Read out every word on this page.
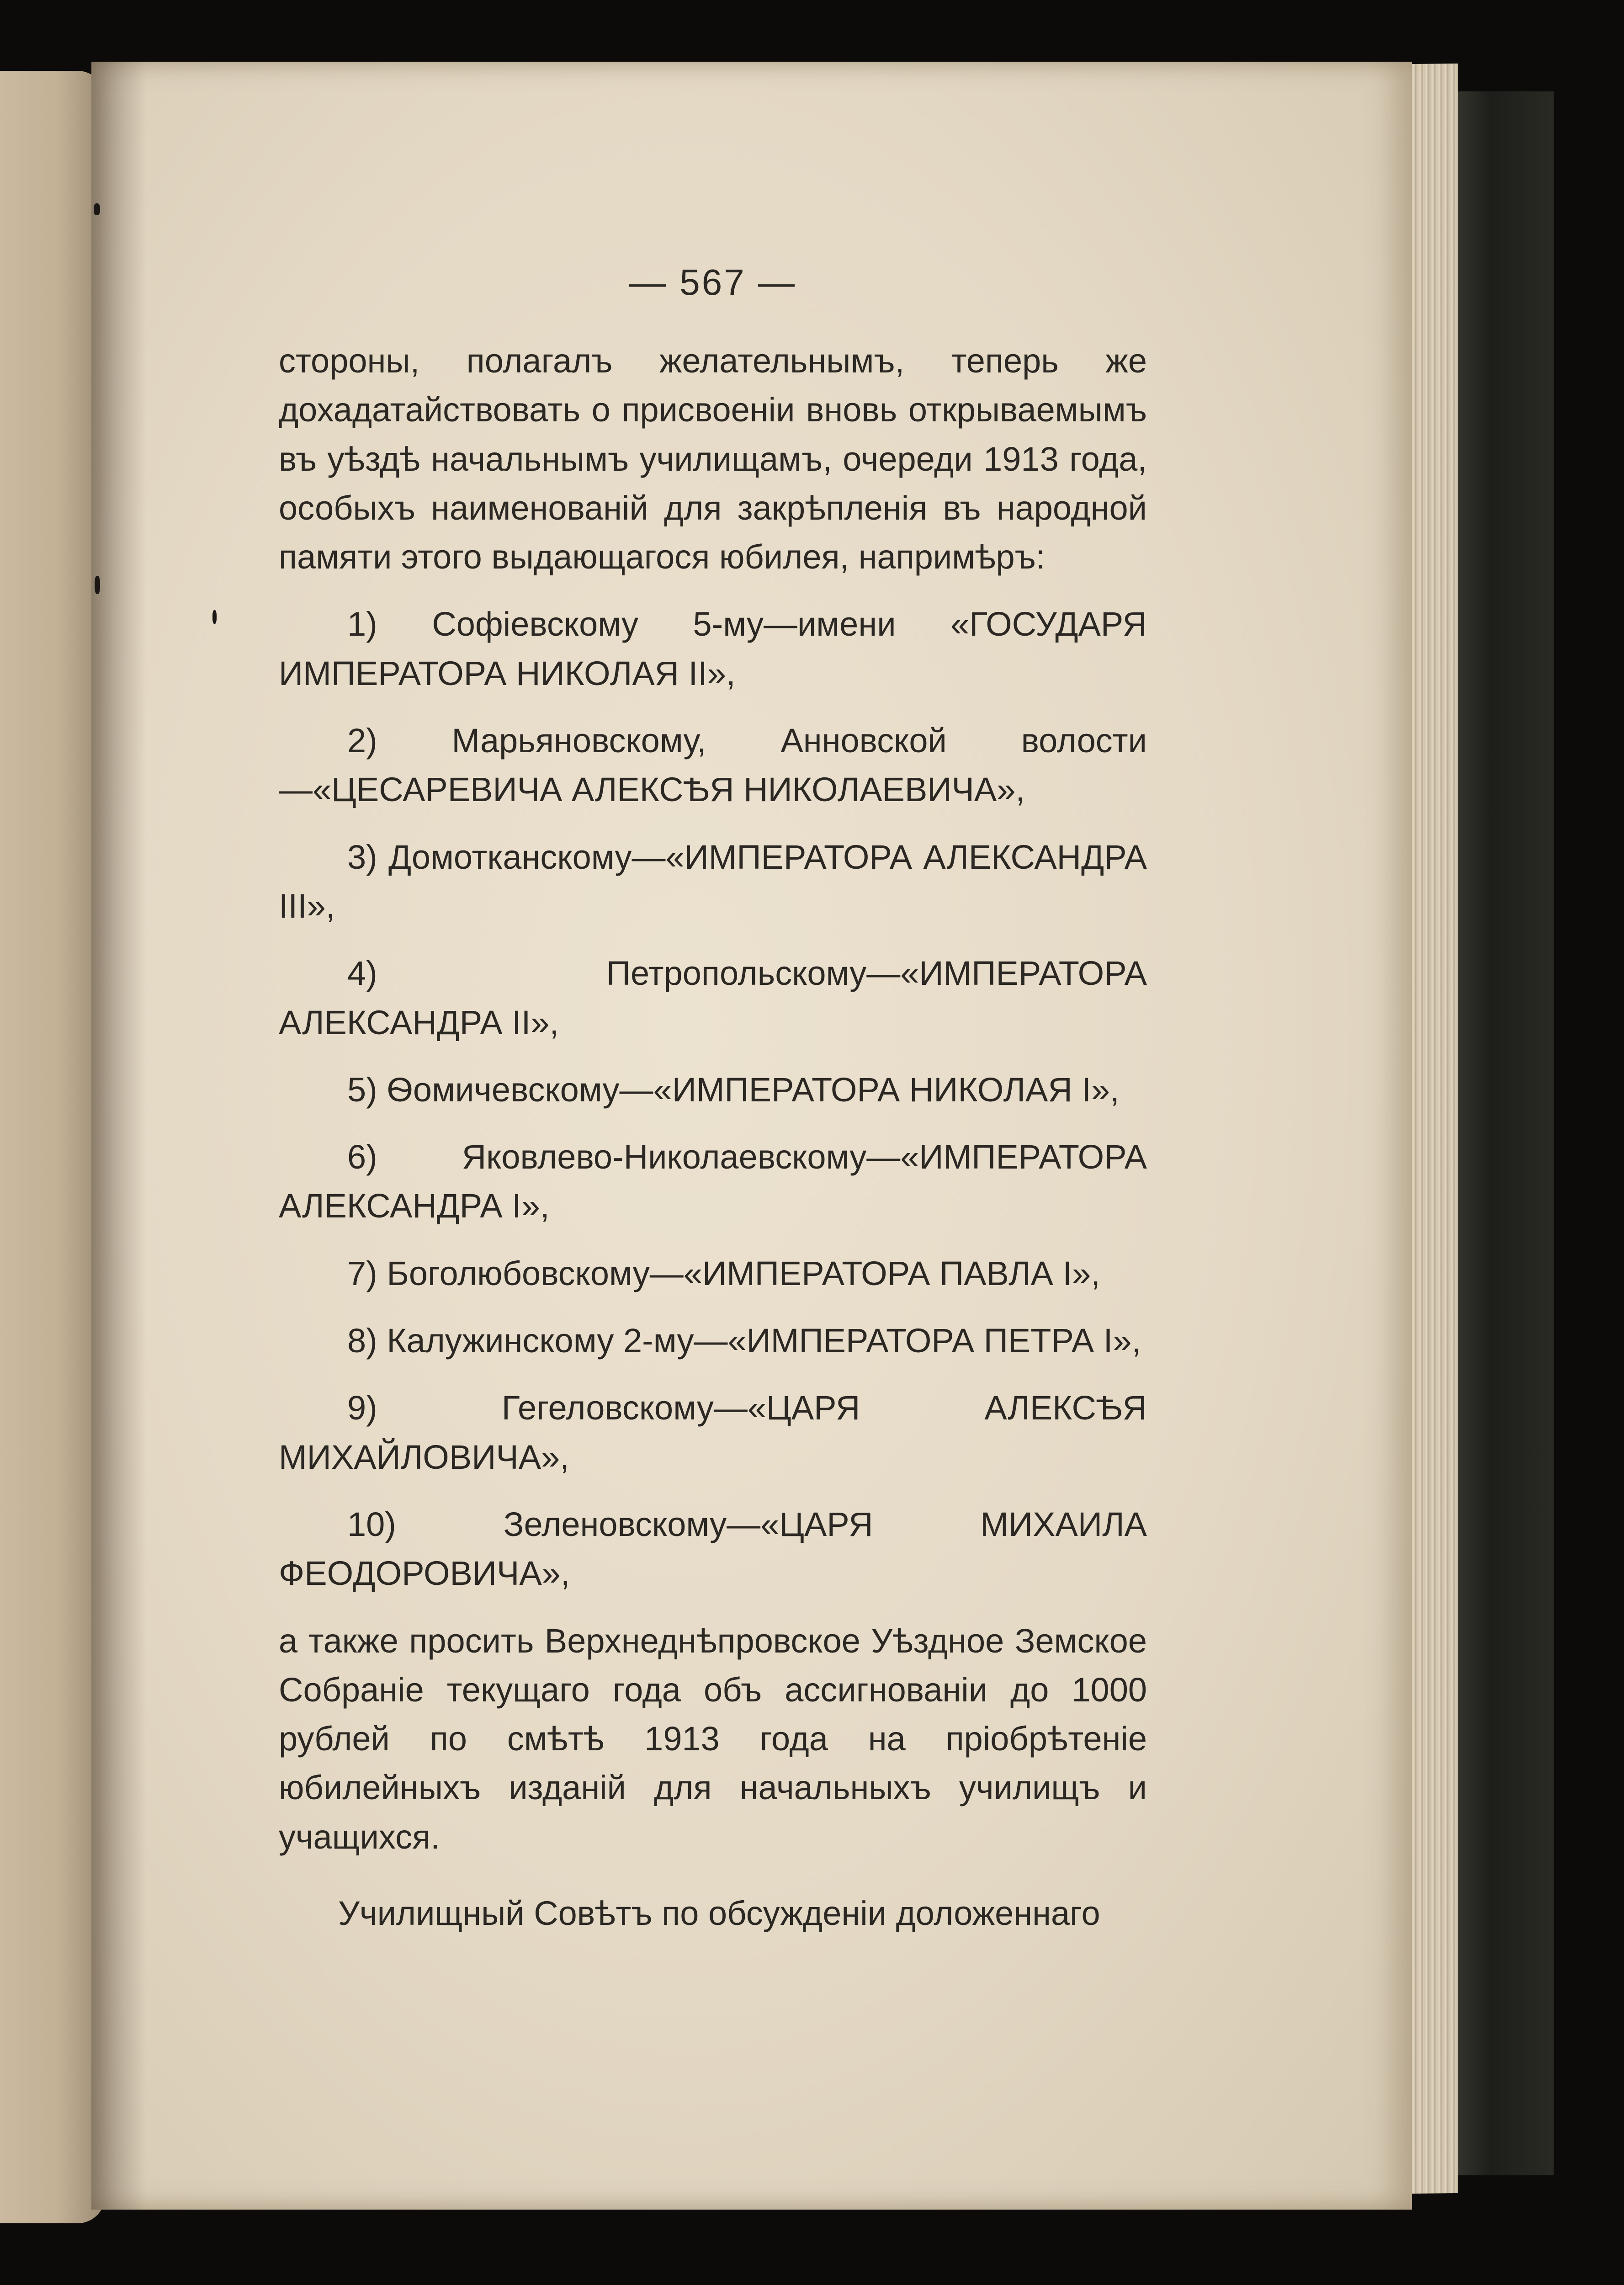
— 567 —

стороны, полагалъ желательнымъ, теперь же дохадатайствовать о присвоеніи вновь открываемымъ въ уѣздѣ начальнымъ училищамъ, очереди 1913 года, особыхъ наименованій для закрѣпленія въ народной памяти этого выдающагося юбилея, напримѣръ:

1) Софіевскому 5-му—имени «ГОСУДАРЯ ИМПЕРАТОРА НИКОЛАЯ II»,

2) Марьяновскому, Анновской волости—«ЦЕСАРЕВИЧА АЛЕКСѢЯ НИКОЛАЕВИЧА»,

3) Домотканскому—«ИМПЕРАТОРА АЛЕКСАНДРА III»,

4) Петропольскому—«ИМПЕРАТОРА АЛЕКСАНДРА II»,

5) Ѳомичевскому—«ИМПЕРАТОРА НИКОЛАЯ I»,

6) Яковлево-Николаевскому—«ИМПЕРАТОРА АЛЕКСАНДРА I»,

7) Боголюбовскому—«ИМПЕРАТОРА ПАВЛА I»,

8) Калужинскому 2-му—«ИМПЕРАТОРА ПЕТРА I»,

9) Гегеловскому—«ЦАРЯ АЛЕКСѢЯ МИХАЙЛОВИЧА»,

10) Зеленовскому—«ЦАРЯ МИХАИЛА ФЕОДОРОВИЧА»,

а также просить Верхнеднѣпровское Уѣздное Земское Собраніе текущаго года объ ассигнованіи до 1000 рублей по смѣтѣ 1913 года на пріобрѣтеніе юбилейныхъ изданій для начальныхъ училищъ и учащихся.

Училищный Совѣтъ по обсужденіи доложеннаго
